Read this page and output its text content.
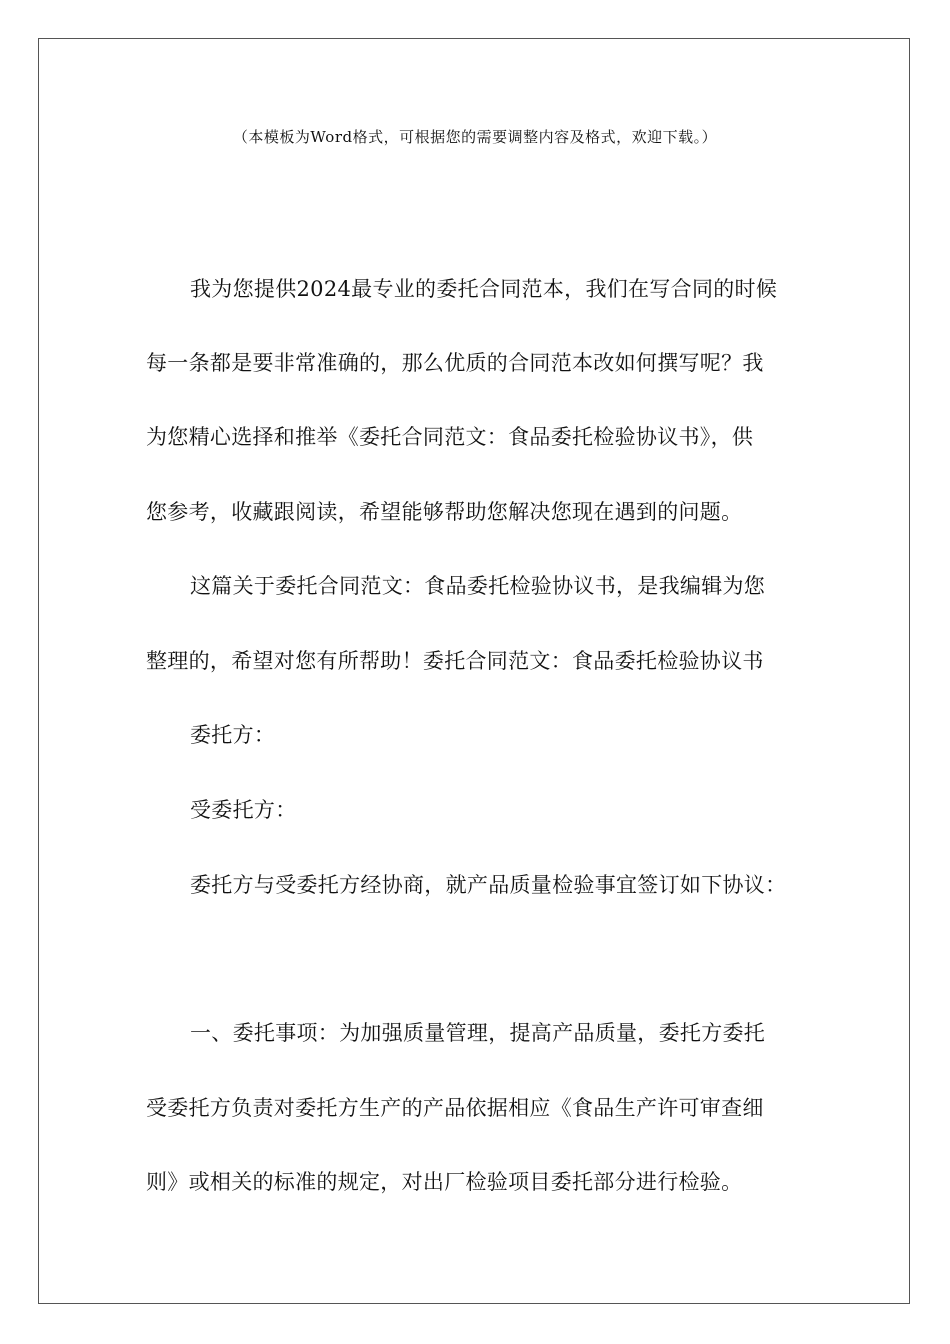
（本模板为Word格式，可根据您的需要调整内容及格式，欢迎下载。）
我为您提供2024最专业的委托合同范本，我们在写合同的时候
每一条都是要非常准确的，那么优质的合同范本改如何撰写呢？我
为您精心选择和推举《委托合同范文：食品委托检验协议书》，供
您参考，收藏跟阅读，希望能够帮助您解决您现在遇到的问题。
这篇关于委托合同范文：食品委托检验协议书，是我编辑为您
整理的，希望对您有所帮助！委托合同范文：食品委托检验协议书
委托方：
受委托方：
委托方与受委托方经协商，就产品质量检验事宜签订如下协议：
一、委托事项：为加强质量管理，提高产品质量，委托方委托
受委托方负责对委托方生产的产品依据相应《食品生产许可审查细
则》或相关的标准的规定，对出厂检验项目委托部分进行检验。
